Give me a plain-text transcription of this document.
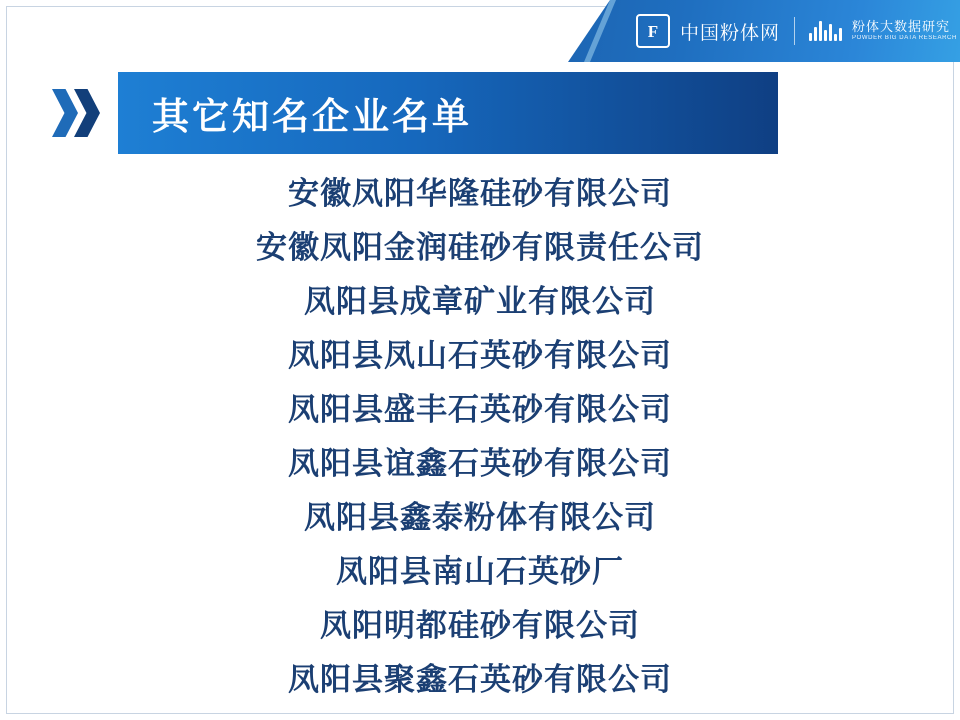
F	中国粉体网	粉体大数据研究
POWDER BIG DATA RESEARCH
其它知名企业名单
安徽凤阳华隆硅砂有限公司
安徽凤阳金润硅砂有限责任公司
凤阳县成章矿业有限公司
凤阳县凤山石英砂有限公司
凤阳县盛丰石英砂有限公司
凤阳县谊鑫石英砂有限公司
凤阳县鑫泰粉体有限公司
凤阳县南山石英砂厂
凤阳明都硅砂有限公司
凤阳县聚鑫石英砂有限公司
